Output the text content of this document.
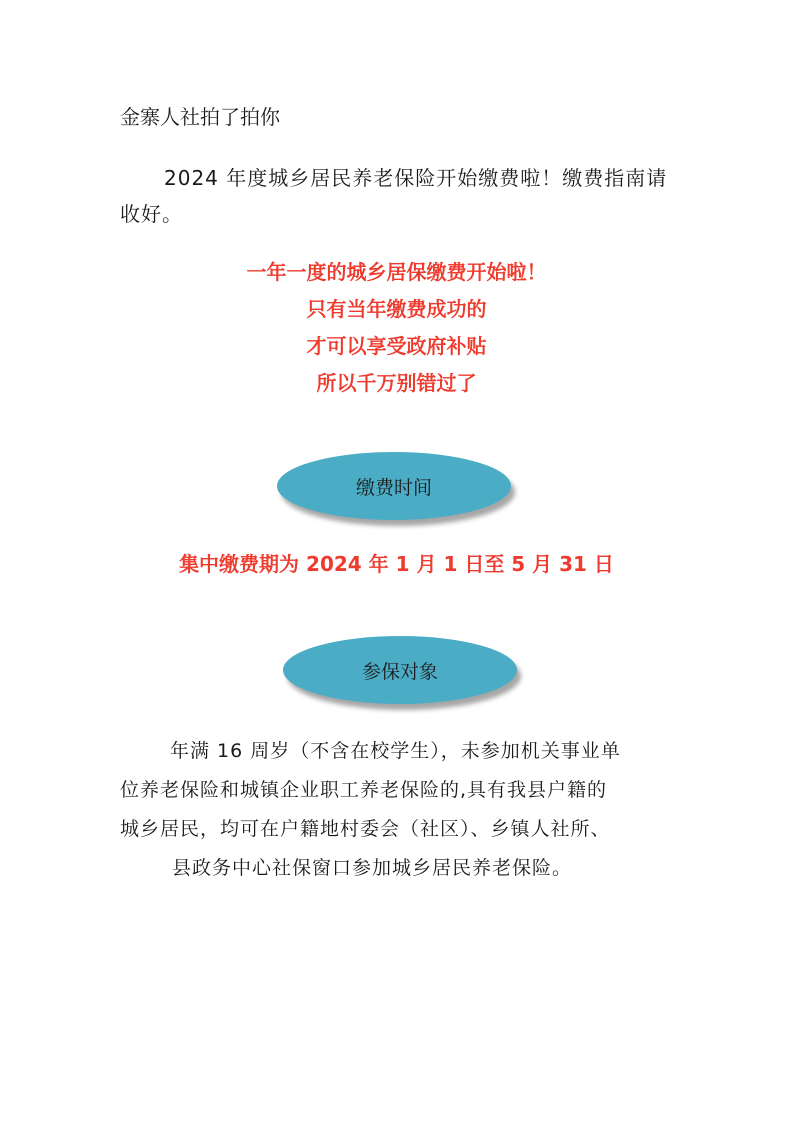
金寨人社拍了拍你
2024 年度城乡居民养老保险开始缴费啦！缴费指南请收好。
一年一度的城乡居保缴费开始啦！
只有当年缴费成功的
才可以享受政府补贴
所以千万别错过了
缴费时间
集中缴费期为 2024 年 1 月 1 日至 5 月 31 日
参保对象
年满 16 周岁（不含在校学生），未参加机关事业单
位养老保险和城镇企业职工养老保险的,具有我县户籍的
城乡居民，均可在户籍地村委会（社区）、乡镇人社所、
县政务中心社保窗口参加城乡居民养老保险。
